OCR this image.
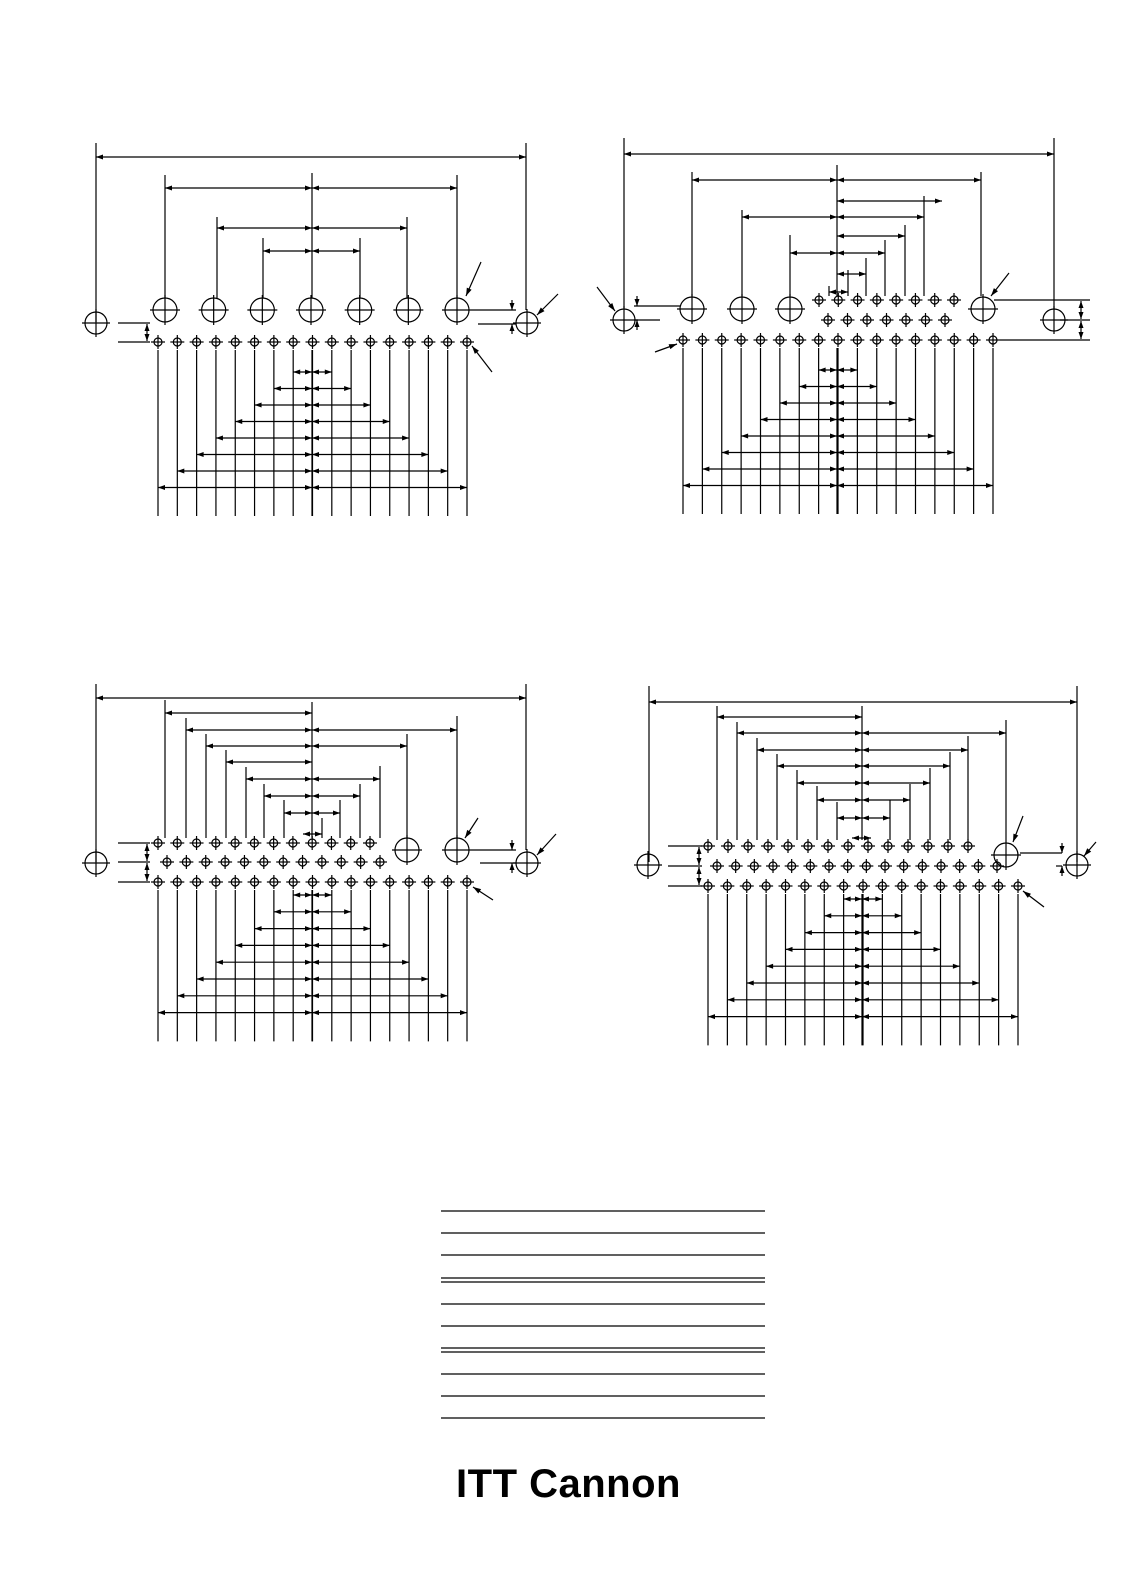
ITT Cannon
